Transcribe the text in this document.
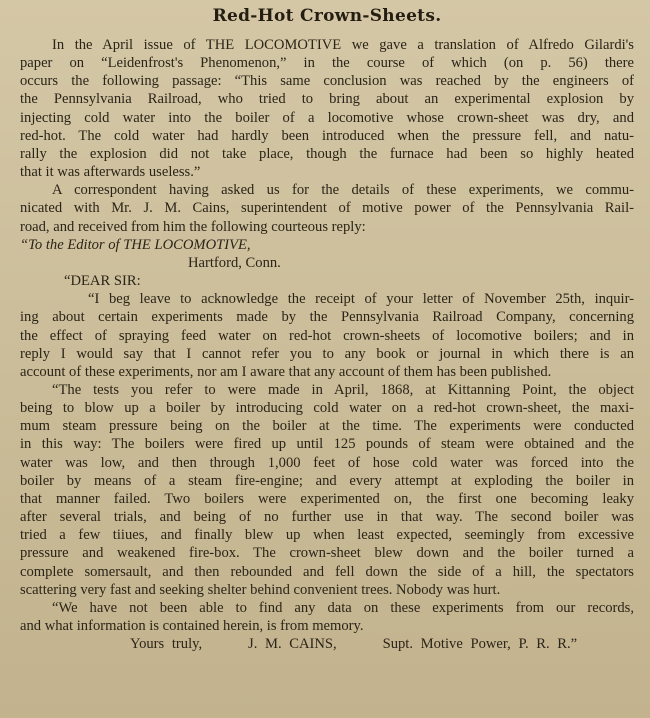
Red-Hot Crown-Sheets.
In the April issue of THE LOCOMOTIVE we gave a translation of Alfredo Gilardi's
paper on “Leidenfrost's Phenomenon,” in the course of which (on p. 56) there
occurs the following passage: “This same conclusion was reached by the engineers of
the Pennsylvania Railroad, who tried to bring about an experimental explosion by
injecting cold water into the boiler of a locomotive whose crown-sheet was dry, and
red-hot. The cold water had hardly been introduced when the pressure fell, and natu-
rally the explosion did not take place, though the furnace had been so highly heated
that it was afterwards useless.”
A correspondent having asked us for the details of these experiments, we commu-
nicated with Mr. J. M. Cains, superintendent of motive power of the Pennsylvania Rail-
road, and received from him the following courteous reply:
“To the Editor of THE LOCOMOTIVE,
Hartford, Conn.
“DEAR SIR:
“I beg leave to acknowledge the receipt of your letter of November 25th, inquir-
ing about certain experiments made by the Pennsylvania Railroad Company, concerning
the effect of spraying feed water on red-hot crown-sheets of locomotive boilers; and in
reply I would say that I cannot refer you to any book or journal in which there is an
account of these experiments, nor am I aware that any account of them has been published.
“The tests you refer to were made in April, 1868, at Kittanning Point, the object
being to blow up a boiler by introducing cold water on a red-hot crown-sheet, the maxi-
mum steam pressure being on the boiler at the time. The experiments were conducted
in this way: The boilers were fired up until 125 pounds of steam were obtained and the
water was low, and then through 1,000 feet of hose cold water was forced into the
boiler by means of a steam fire-engine; and every attempt at exploding the boiler in
that manner failed. Two boilers were experimented on, the first one becoming leaky
after several trials, and being of no further use in that way. The second boiler was
tried a few tiiues, and finally blew up when least expected, seemingly from excessive
pressure and weakened fire-box. The crown-sheet blew down and the boiler turned a
complete somersault, and then rebounded and fell down the side of a hill, the spectators
scattering very fast and seeking shelter behind convenient trees. Nobody was hurt.
“We have not been able to find any data on these experiments from our records,
and what information is contained herein, is from memory.
Yours truly,      J. M. CAINS,      Supt. Motive Power, P. R. R.”
